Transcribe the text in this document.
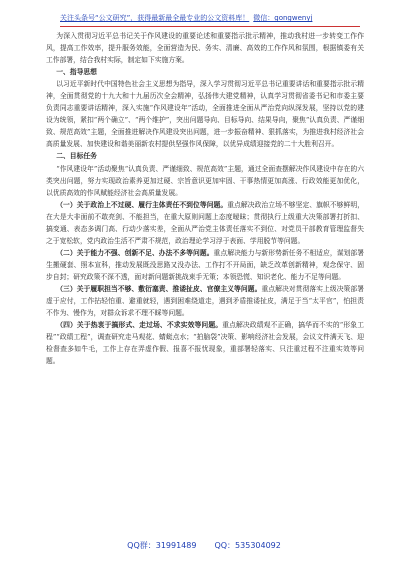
关注头条号“公文研究”，获得最新最全最专业的公文资料库！ 微信：gongwenyj

为深入贯彻习近平总书记关于作风建设的重要论述和重要指示批示精神，推动我村进一步转变工作作风，提高工作效率，提升服务效能，全面营造为民、务实、清廉、高效的工作作风和氛围，根据镇委有关工作部署，结合我村实际，制定如下实施方案。

一、指导思想

以习近平新时代中国特色社会主义思想为指导，深入学习贯彻习近平总书记重要讲话和重要指示批示精神，全面贯彻党的十九大和十九届历次全会精神，弘扬伟大建党精神，认真学习贯彻省委书记和市委主要负责同志重要讲话精神，深入实施“作风建设年”活动，全面推进全面从严治党向纵深发展，坚持以党的建设为统领，紧扣“两个确立”、“两个维护”，突出问题导向、目标导向、结果导向，聚焦“认真负责、严谨细致、规范高效”主题，全面推进解决作风建设突出问题，进一步振奋精神、狠抓落实，为推进我村经济社会高质量发展、加快建设和谐美丽新农村提供坚强作风保障，以优异成绩迎接党的二十大胜利召开。

二、目标任务

“作风建设年”活动聚焦“认真负责、严谨细致、规范高效”主题，通过全面查摆解决作风建设中存在的六类突出问题，努力实现政治素养更加过硬、宗旨意识更加牢固、干事热情更加高涨、行政效能更加优化，以优质高效的作风赋能经济社会高质量发展。

（一）关于政治上不过硬、履行主体责任不到位等问题。重点解决政治立场不够坚定、旗帜不够鲜明，在大是大非面前不敢亮剑、不能担当，在重大原则问题上态度暧昧；贯彻执行上级重大决策部署打折扣、搞变通、表态多调门高、行动少落实差，全面从严治党主体责任落实不到位、对党员干部教育管理监督失之于宽松软，党内政治生活不严肃不规范，政治理论学习浮于表面、学用脱节等问题。

（二）关于能力不强、创新不足、办法不多等问题。重点解决能力与新形势新任务不相适应，谋划部署生搬硬套、照本宣科，推动发展既没思路又没办法、工作打不开局面，缺乏改革创新精神，观念保守、固步自封；研究政策不深不透，面对新问题新挑战束手无策；本领恐慌、知识老化、能力不足等问题。

（三）关于履职担当不够、敷衍塞责、推诿扯皮、官僚主义等问题。重点解决对贯彻落实上级决策部署虚于应付，工作拈轻怕重、避重就轻，遇到困难绕道走，遇到矛盾推诿扯皮，满足于当“太平官”，怕担责不作为、慢作为，对群众诉求不理不睬等问题。

（四）关于热衷于搞形式、走过场、不求实效等问题。重点解决政绩观不正确，搞华而不实的“形象工程”“政绩工程”，调查研究走马观花、蜻蜓点水；“拍脑袋”决策、影响经济社会发展，会议文件满天飞、迎检督查多如牛毛，工作上存在弄虚作假、报喜不报忧现象，重部署轻落实、只注重过程不注重实效等问题。

QQ群：31991489 QQ：535304092
